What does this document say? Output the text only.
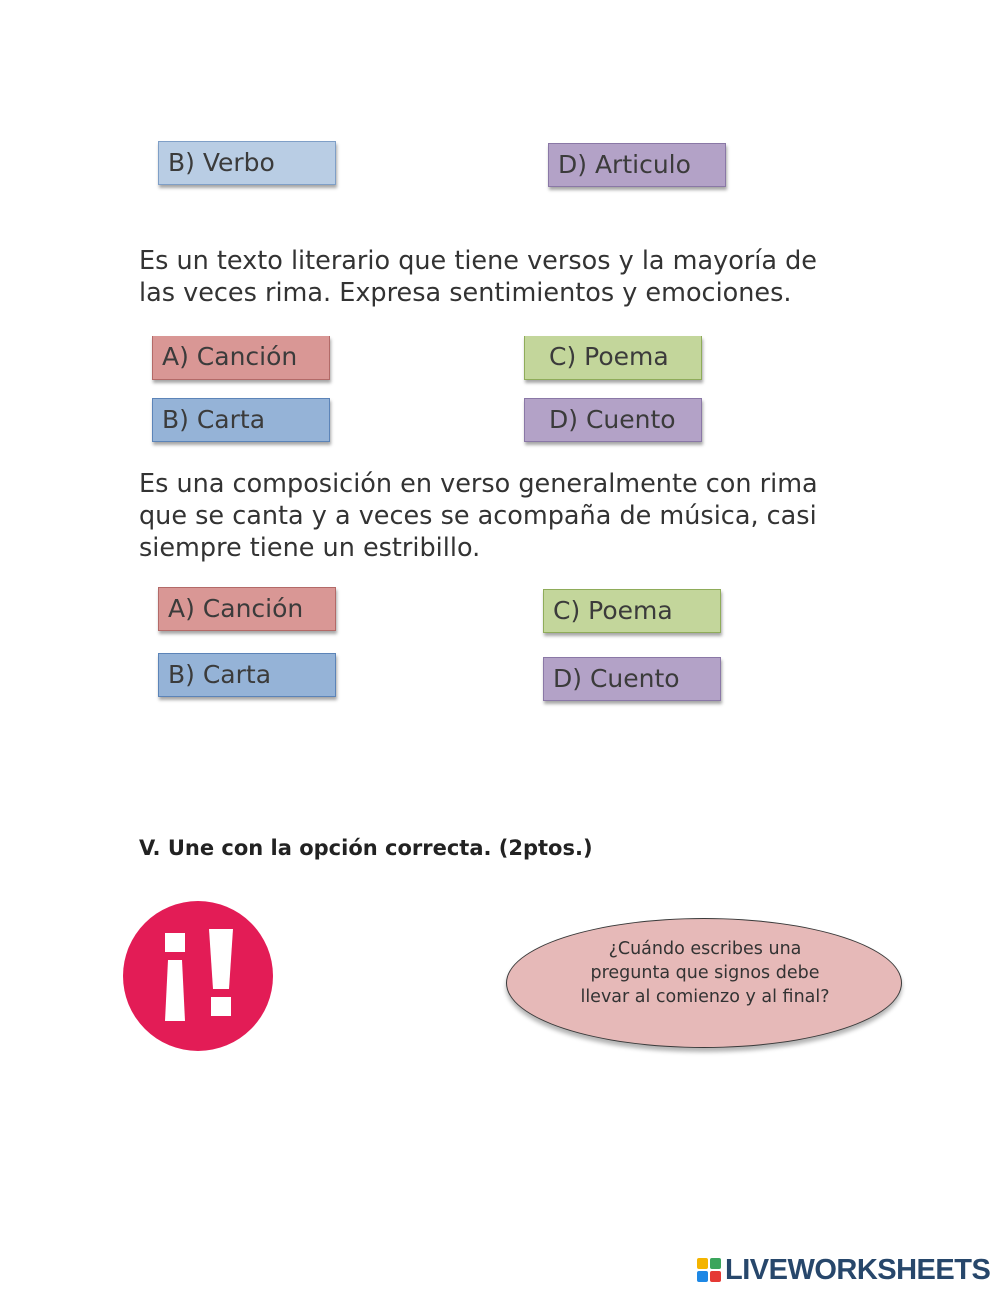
B) Verbo	D) Articulo

Es un texto literario que tiene versos y la mayoría de las veces rima. Expresa sentimientos y emociones.

A) Canción	C) Poema
B) Carta	D) Cuento

Es una composición en verso generalmente con rima que se canta y a veces se acompaña de música, casi siempre tiene un estribillo.

A) Canción	C) Poema
B) Carta	D) Cuento

V. Une con la opción correcta. (2ptos.)

¿Cuándo escribes una pregunta que signos debe llevar al comienzo y al final?
LIVEWORKSHEETS
